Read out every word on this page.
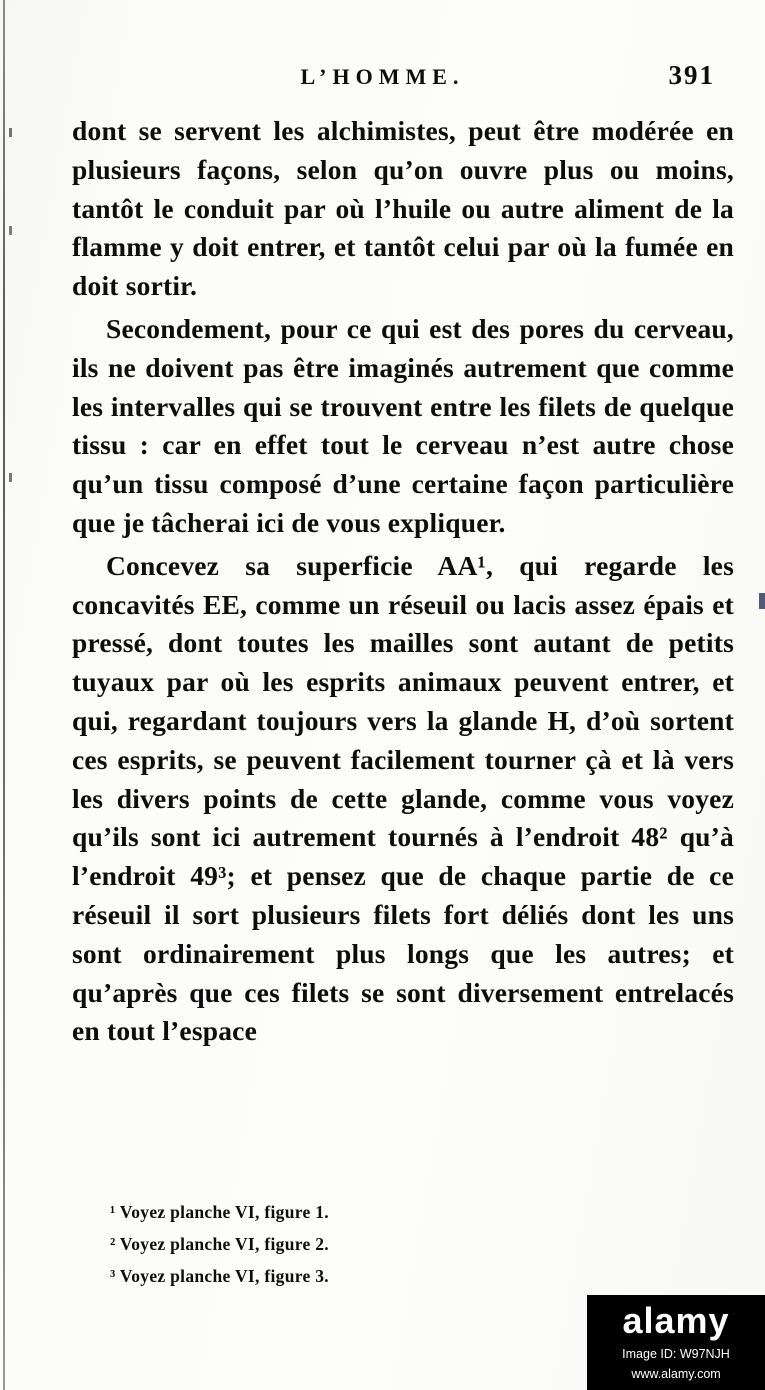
L’HOMME.	391

dont se servent les alchimistes, peut être modérée en plusieurs façons, selon qu’on ouvre plus ou moins, tantôt le conduit par où l’huile ou autre aliment de la flamme y doit entrer, et tantôt celui par où la fumée en doit sortir.

Secondement, pour ce qui est des pores du cerveau, ils ne doivent pas être imaginés autrement que comme les intervalles qui se trouvent entre les filets de quelque tissu : car en effet tout le cerveau n’est autre chose qu’un tissu composé d’une certaine façon particulière que je tâcherai ici de vous expliquer.

Concevez sa superficie AA¹, qui regarde les concavités EE, comme un réseuil ou lacis assez épais et pressé, dont toutes les mailles sont autant de petits tuyaux par où les esprits animaux peuvent entrer, et qui, regardant toujours vers la glande H, d’où sortent ces esprits, se peuvent facilement tourner çà et là vers les divers points de cette glande, comme vous voyez qu’ils sont ici autrement tournés à l’endroit 48² qu’à l’endroit 49³; et pensez que de chaque partie de ce réseuil il sort plusieurs filets fort déliés dont les uns sont ordinairement plus longs que les autres; et qu’après que ces filets se sont diversement entrelacés en tout l’espace

¹ Voyez planche VI, figure 1.
² Voyez planche VI, figure 2.
³ Voyez planche VI, figure 3.
alamy
Image ID: W97NJH
www.alamy.com
